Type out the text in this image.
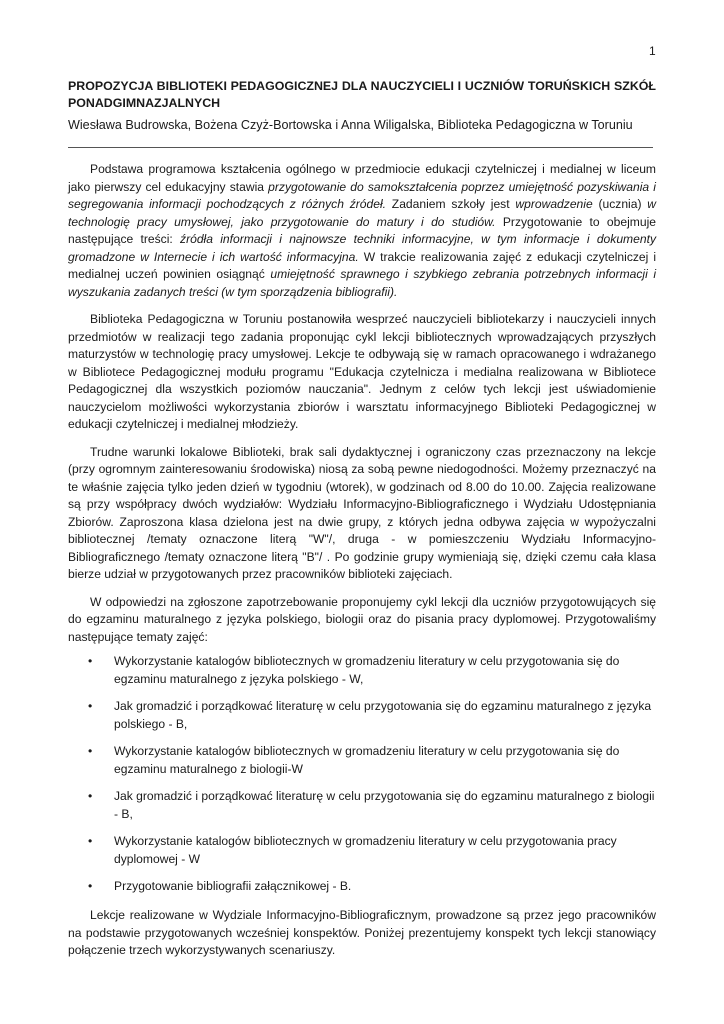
1
PROPOZYCJA BIBLIOTEKI PEDAGOGICZNEJ DLA NAUCZYCIELI I UCZNIÓW TORUŃSKICH SZKÓŁ PONADGIMNAZJALNYCH
Wiesława Budrowska, Bożena Czyż-Bortowska i Anna Wiligalska, Biblioteka Pedagogiczna w Toruniu

Podstawa programowa kształcenia ogólnego w przedmiocie edukacji czytelniczej i medialnej w liceum jako pierwszy cel edukacyjny stawia przygotowanie do samokształcenia poprzez umiejętność pozyskiwania i segregowania informacji pochodzących z różnych źródeł. Zadaniem szkoły jest wprowadzenie (ucznia) w technologię pracy umysłowej, jako przygotowanie do matury i do studiów. Przygotowanie to obejmuje następujące treści: źródła informacji i najnowsze techniki informacyjne, w tym informacje i dokumenty gromadzone w Internecie i ich wartość informacyjna. W trakcie realizowania zajęć z edukacji czytelniczej i medialnej uczeń powinien osiągnąć umiejętność sprawnego i szybkiego zebrania potrzebnych informacji i wyszukania zadanych treści (w tym sporządzenia bibliografii).

Biblioteka Pedagogiczna w Toruniu postanowiła wesprzeć nauczycieli bibliotekarzy i nauczycieli innych przedmiotów w realizacji tego zadania proponując cykl lekcji bibliotecznych wprowadzających przyszłych maturzystów w technologię pracy umysłowej. Lekcje te odbywają się w ramach opracowanego i wdrażanego w Bibliotece Pedagogicznej modułu programu "Edukacja czytelnicza i medialna realizowana w Bibliotece Pedagogicznej dla wszystkich poziomów nauczania". Jednym z celów tych lekcji jest uświadomienie nauczycielom możliwości wykorzystania zbiorów i warsztatu informacyjnego Biblioteki Pedagogicznej w edukacji czytelniczej i medialnej młodzieży.

Trudne warunki lokalowe Biblioteki, brak sali dydaktycznej i ograniczony czas przeznaczony na lekcje (przy ogromnym zainteresowaniu środowiska) niosą za sobą pewne niedogodności. Możemy przeznaczyć na te właśnie zajęcia tylko jeden dzień w tygodniu (wtorek), w godzinach od 8.00 do 10.00. Zajęcia realizowane są przy współpracy dwóch wydziałów: Wydziału Informacyjno-Bibliograficznego i Wydziału Udostępniania Zbiorów. Zaproszona klasa dzielona jest na dwie grupy, z których jedna odbywa zajęcia w wypożyczalni bibliotecznej /tematy oznaczone literą "W"/, druga - w pomieszczeniu Wydziału Informacyjno-Bibliograficznego /tematy oznaczone literą "B"/ . Po godzinie grupy wymieniają się, dzięki czemu cała klasa bierze udział w przygotowanych przez pracowników biblioteki zajęciach.

W odpowiedzi na zgłoszone zapotrzebowanie proponujemy cykl lekcji dla uczniów przygotowujących się do egzaminu maturalnego z języka polskiego, biologii oraz do pisania pracy dyplomowej. Przygotowaliśmy następujące tematy zajęć:

• Wykorzystanie katalogów bibliotecznych w gromadzeniu literatury w celu przygotowania się do egzaminu maturalnego z języka polskiego - W,
• Jak gromadzić i porządkować literaturę w celu przygotowania się do egzaminu maturalnego z języka polskiego - B,
• Wykorzystanie katalogów bibliotecznych w gromadzeniu literatury w celu przygotowania się do egzaminu maturalnego z biologii-W
• Jak gromadzić i porządkować literaturę w celu przygotowania się do egzaminu maturalnego z biologii - B,
• Wykorzystanie katalogów bibliotecznych w gromadzeniu literatury w celu przygotowania pracy dyplomowej - W
• Przygotowanie bibliografii załącznikowej - B.

Lekcje realizowane w Wydziale Informacyjno-Bibliograficznym, prowadzone są przez jego pracowników na podstawie przygotowanych wcześniej konspektów. Poniżej prezentujemy konspekt tych lekcji stanowiący połączenie trzech wykorzystywanych scenariuszy.
